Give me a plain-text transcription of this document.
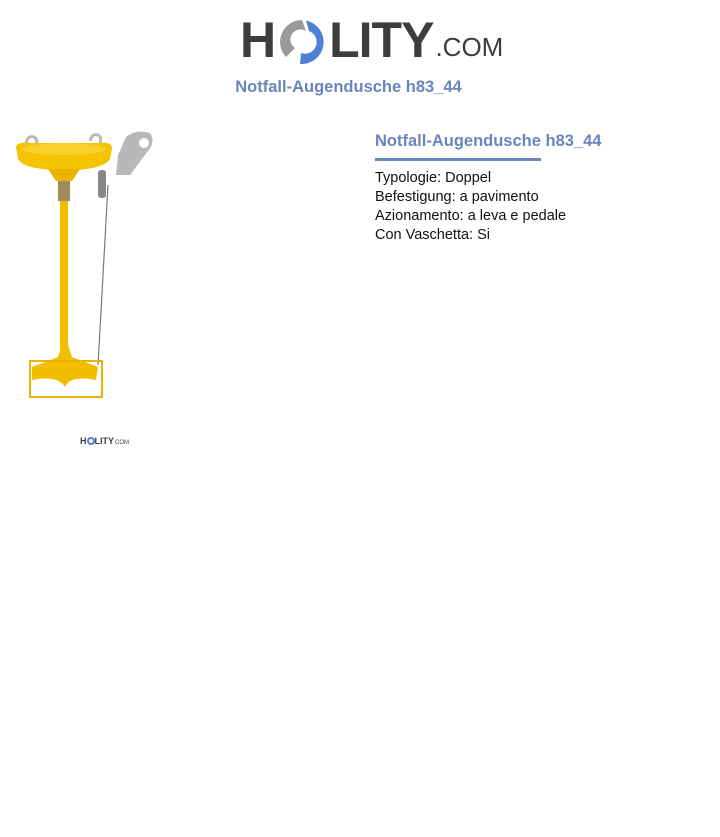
H LITY .COM
Notfall-Augendusche h83_44
H LITY COM
Notfall-Augendusche h83_44
Typologie: Doppel
Befestigung: a pavimento
Azionamento: a leva e pedale
Con Vaschetta: Si
